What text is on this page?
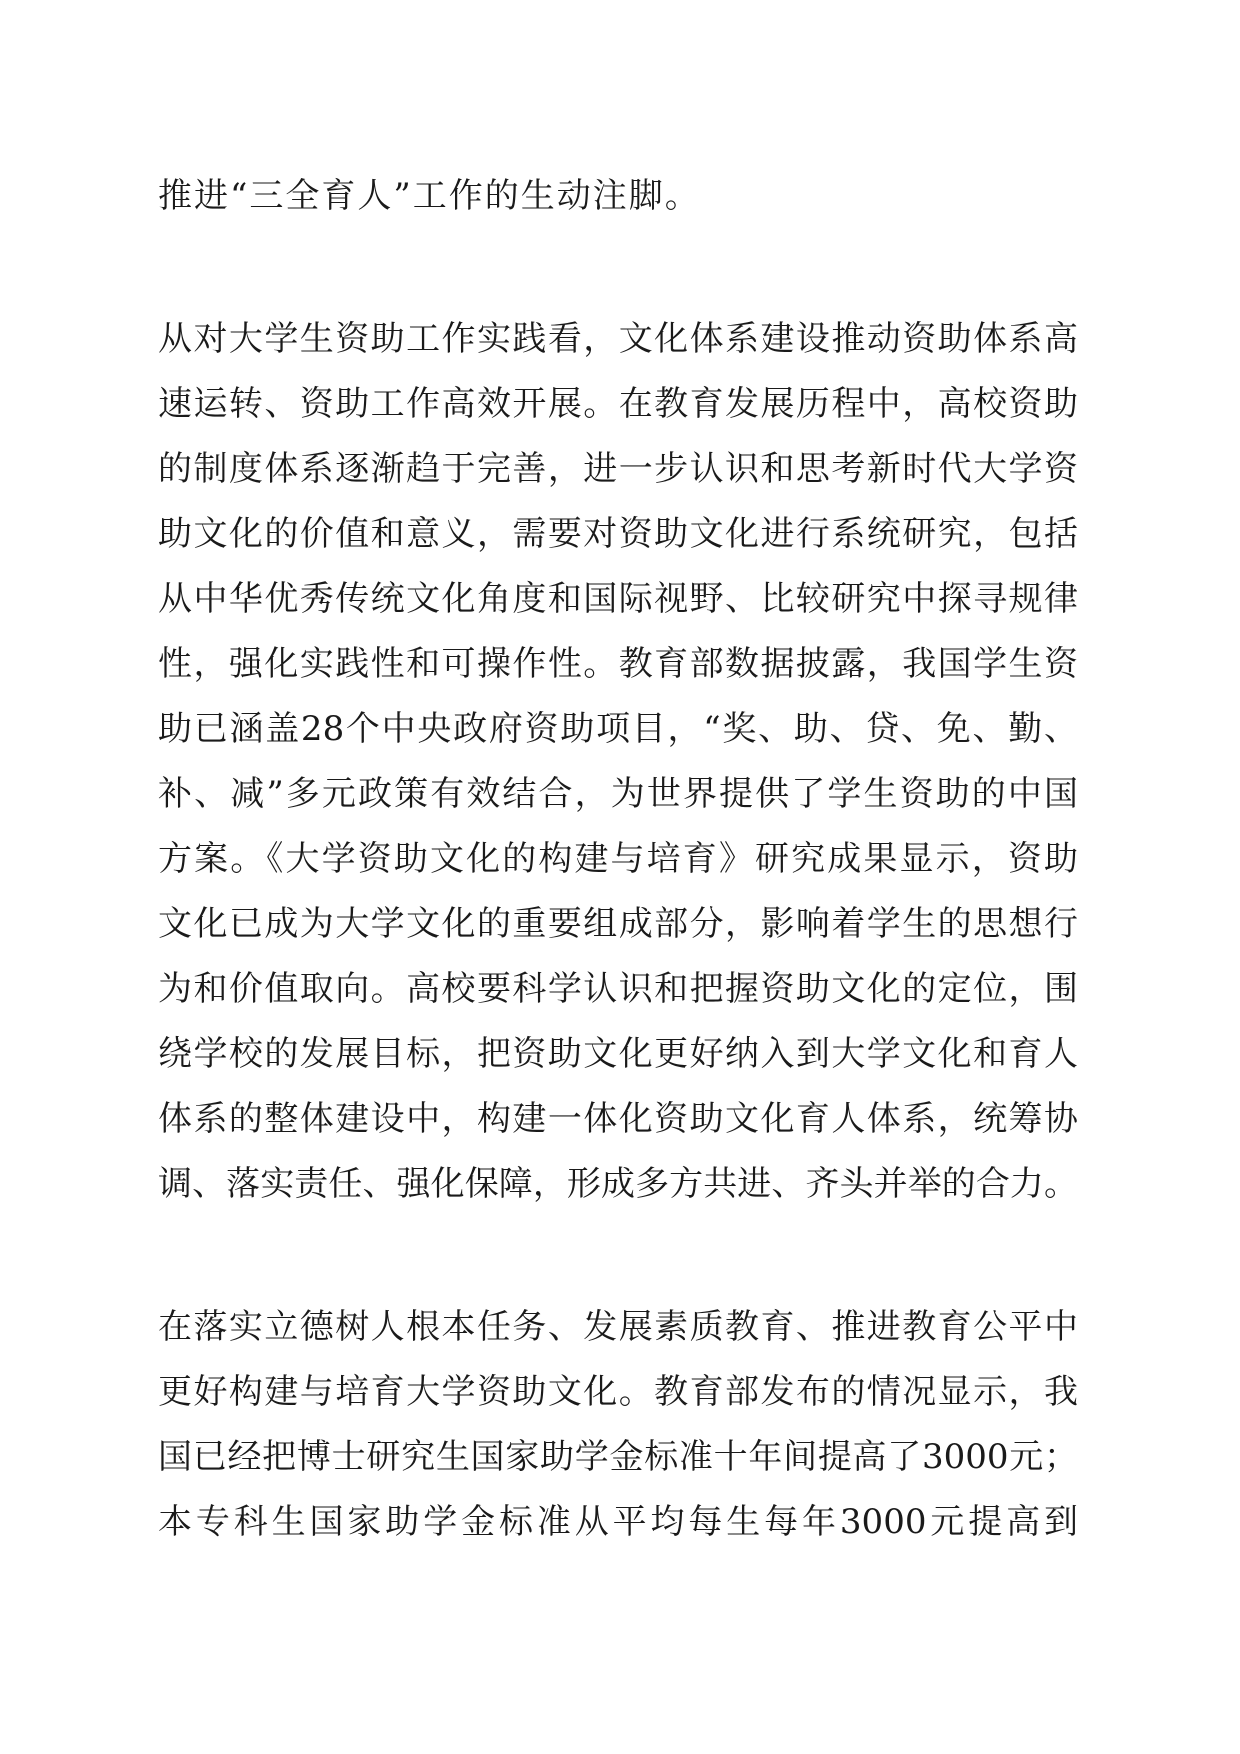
推进“三全育人”工作的生动注脚。
从对大学生资助工作实践看，文化体系建设推动资助体系高
速运转、资助工作高效开展。在教育发展历程中，高校资助
的制度体系逐渐趋于完善，进一步认识和思考新时代大学资
助文化的价值和意义，需要对资助文化进行系统研究，包括
从中华优秀传统文化角度和国际视野、比较研究中探寻规律
性，强化实践性和可操作性。教育部数据披露，我国学生资
助已涵盖28个中央政府资助项目，“奖、助、贷、免、勤、
补、减”多元政策有效结合，为世界提供了学生资助的中国
方案。《大学资助文化的构建与培育》研究成果显示，资助
文化已成为大学文化的重要组成部分，影响着学生的思想行
为和价值取向。高校要科学认识和把握资助文化的定位，围
绕学校的发展目标，把资助文化更好纳入到大学文化和育人
体系的整体建设中，构建一体化资助文化育人体系，统筹协
调、落实责任、强化保障，形成多方共进、齐头并举的合力。
在落实立德树人根本任务、发展素质教育、推进教育公平中
更好构建与培育大学资助文化。教育部发布的情况显示，我
国已经把博士研究生国家助学金标准十年间提高了3000元；
本专科生国家助学金标准从平均每生每年3000元提高到
